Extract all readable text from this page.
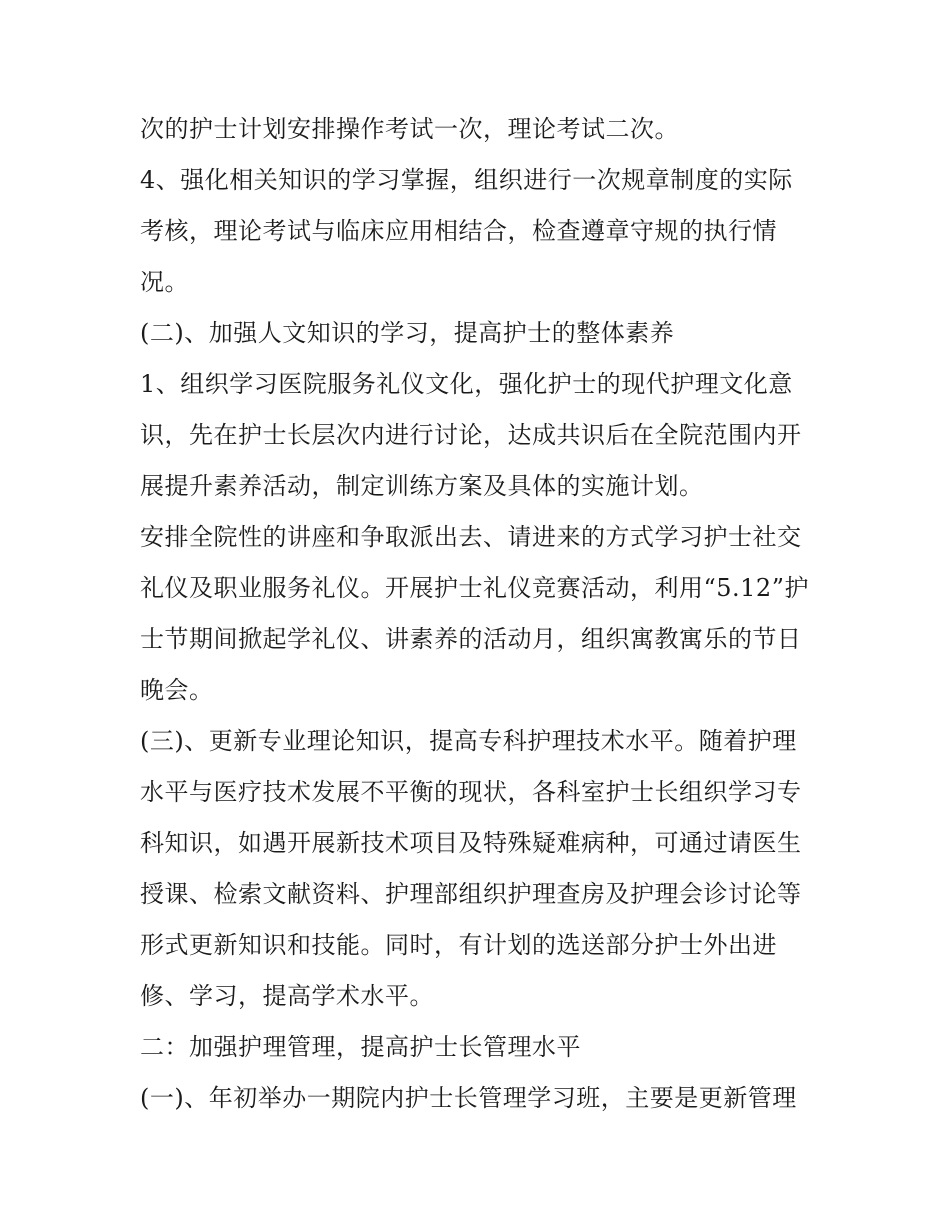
次的护士计划安排操作考试一次，理论考试二次。
4、强化相关知识的学习掌握，组织进行一次规章制度的实际
考核，理论考试与临床应用相结合，检查遵章守规的执行情
况。
(二)、加强人文知识的学习，提高护士的整体素养
1、组织学习医院服务礼仪文化，强化护士的现代护理文化意
识，先在护士长层次内进行讨论，达成共识后在全院范围内开
展提升素养活动，制定训练方案及具体的实施计划。
安排全院性的讲座和争取派出去、请进来的方式学习护士社交
礼仪及职业服务礼仪。开展护士礼仪竞赛活动，利用“5.12”护
士节期间掀起学礼仪、讲素养的活动月，组织寓教寓乐的节日
晚会。
(三)、更新专业理论知识，提高专科护理技术水平。随着护理
水平与医疗技术发展不平衡的现状，各科室护士长组织学习专
科知识，如遇开展新技术项目及特殊疑难病种，可通过请医生
授课、检索文献资料、护理部组织护理查房及护理会诊讨论等
形式更新知识和技能。同时，有计划的选送部分护士外出进
修、学习，提高学术水平。
二：加强护理管理，提高护士长管理水平
(一)、年初举办一期院内护士长管理学习班，主要是更新管理
